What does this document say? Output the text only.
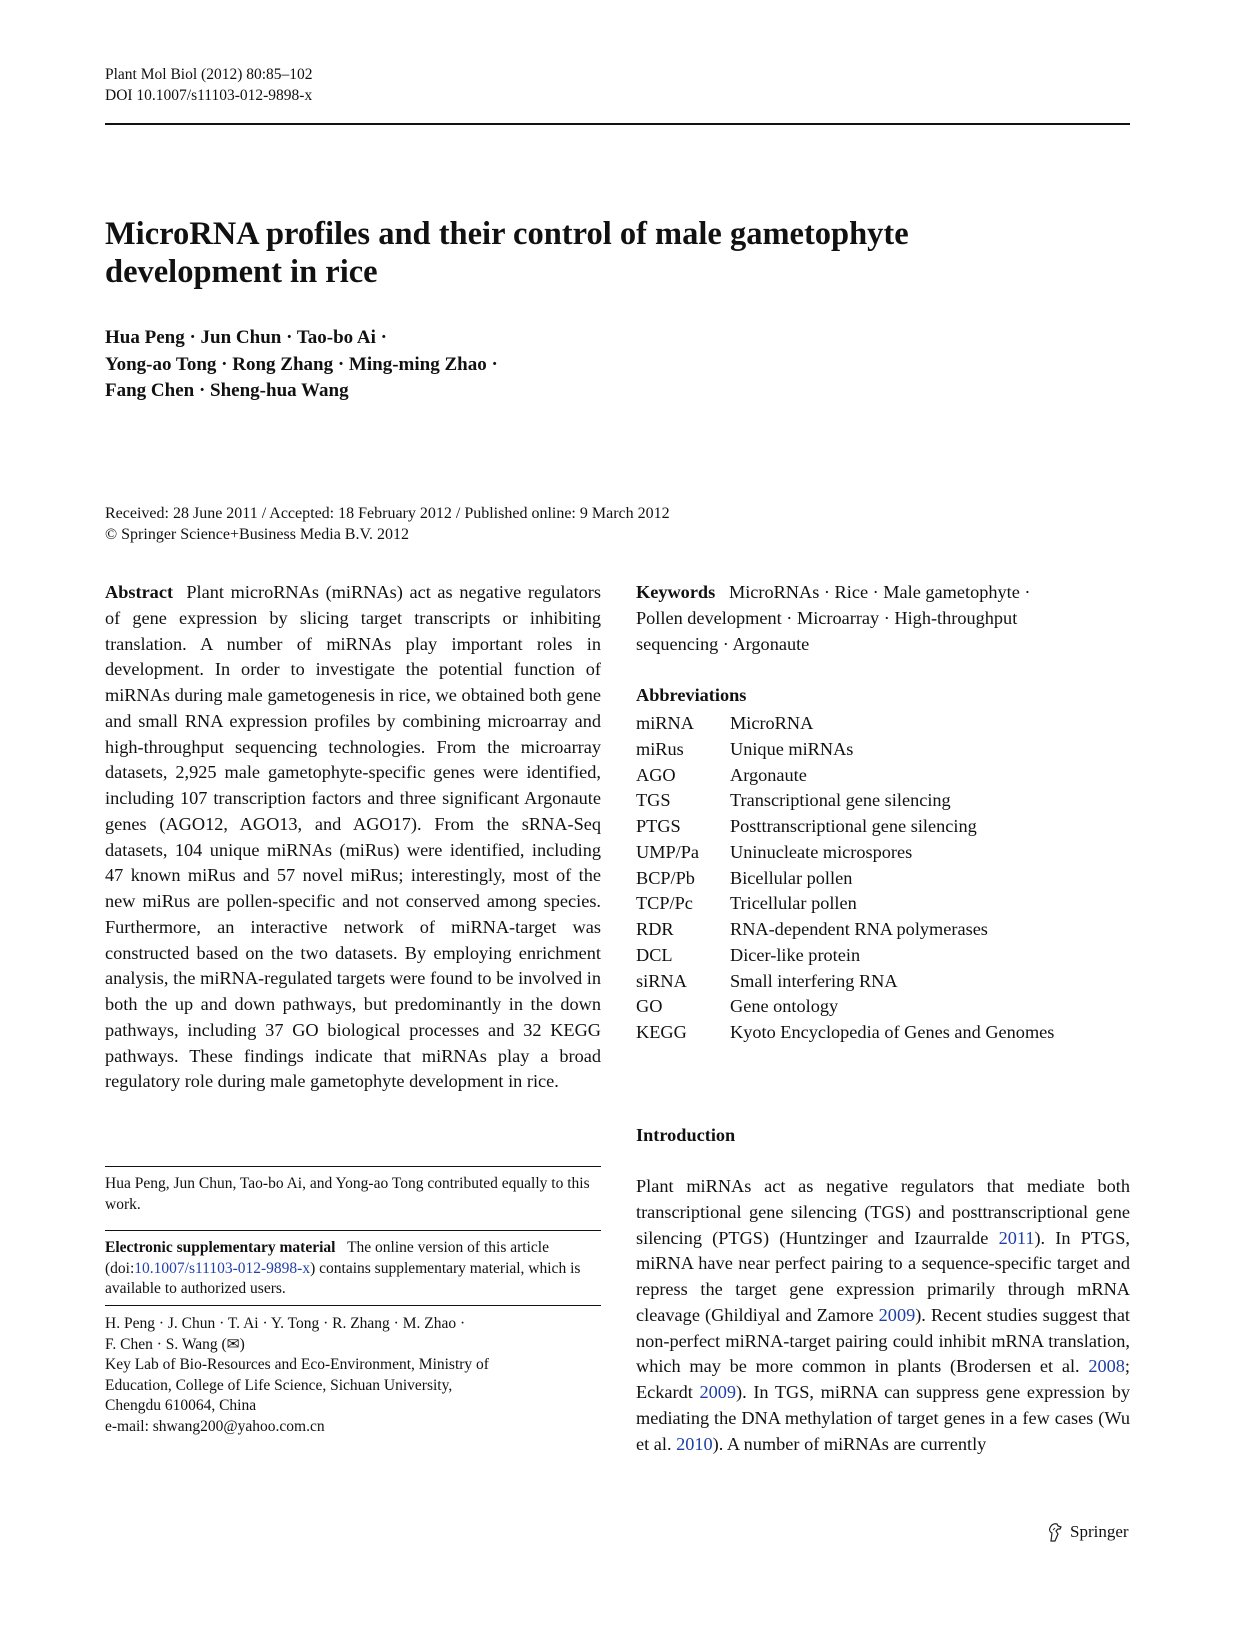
Plant Mol Biol (2012) 80:85–102
DOI 10.1007/s11103-012-9898-x
MicroRNA profiles and their control of male gametophyte
development in rice
Hua Peng · Jun Chun · Tao-bo Ai ·
Yong-ao Tong · Rong Zhang · Ming-ming Zhao ·
Fang Chen · Sheng-hua Wang
Received: 28 June 2011 / Accepted: 18 February 2012 / Published online: 9 March 2012
© Springer Science+Business Media B.V. 2012
Abstract Plant microRNAs (miRNAs) act as negative regulators of gene expression by slicing target transcripts or inhibiting translation. A number of miRNAs play important roles in development. In order to investigate the potential function of miRNAs during male gametogenesis in rice, we obtained both gene and small RNA expression profiles by combining microarray and high-throughput sequencing technologies. From the microarray datasets, 2,925 male gametophyte-specific genes were identified, including 107 transcription factors and three significant Argonaute genes (AGO12, AGO13, and AGO17). From the sRNA-Seq datasets, 104 unique miRNAs (miRus) were identified, including 47 known miRus and 57 novel miRus; interestingly, most of the new miRus are pollen-specific and not conserved among species. Furthermore, an interactive network of miRNA-target was constructed based on the two datasets. By employing enrichment analysis, the miRNA-regulated targets were found to be involved in both the up and down pathways, but predominantly in the down pathways, including 37 GO biological processes and 32 KEGG pathways. These findings indicate that miRNAs play a broad regulatory role during male gametophyte development in rice.
Hua Peng, Jun Chun, Tao-bo Ai, and Yong-ao Tong contributed equally to this work.
Electronic supplementary material The online version of this article (doi:10.1007/s11103-012-9898-x) contains supplementary material, which is available to authorized users.
H. Peng · J. Chun · T. Ai · Y. Tong · R. Zhang · M. Zhao ·
F. Chen · S. Wang (✉)
Key Lab of Bio-Resources and Eco-Environment, Ministry of
Education, College of Life Science, Sichuan University,
Chengdu 610064, China
e-mail: shwang200@yahoo.com.cn
Keywords MicroRNAs · Rice · Male gametophyte ·
Pollen development · Microarray · High-throughput
sequencing · Argonaute
Abbreviations
miRNA	MicroRNA
miRus	Unique miRNAs
AGO	Argonaute
TGS	Transcriptional gene silencing
PTGS	Posttranscriptional gene silencing
UMP/Pa	Uninucleate microspores
BCP/Pb	Bicellular pollen
TCP/Pc	Tricellular pollen
RDR	RNA-dependent RNA polymerases
DCL	Dicer-like protein
siRNA	Small interfering RNA
GO	Gene ontology
KEGG	Kyoto Encyclopedia of Genes and Genomes
Introduction
Plant miRNAs act as negative regulators that mediate both transcriptional gene silencing (TGS) and posttranscriptional gene silencing (PTGS) (Huntzinger and Izaurralde 2011). In PTGS, miRNA have near perfect pairing to a sequence-specific target and repress the target gene expression primarily through mRNA cleavage (Ghildiyal and Zamore 2009). Recent studies suggest that non-perfect miRNA-target pairing could inhibit mRNA translation, which may be more common in plants (Brodersen et al. 2008; Eckardt 2009). In TGS, miRNA can suppress gene expression by mediating the DNA methylation of target genes in a few cases (Wu et al. 2010). A number of miRNAs are currently
Springer
